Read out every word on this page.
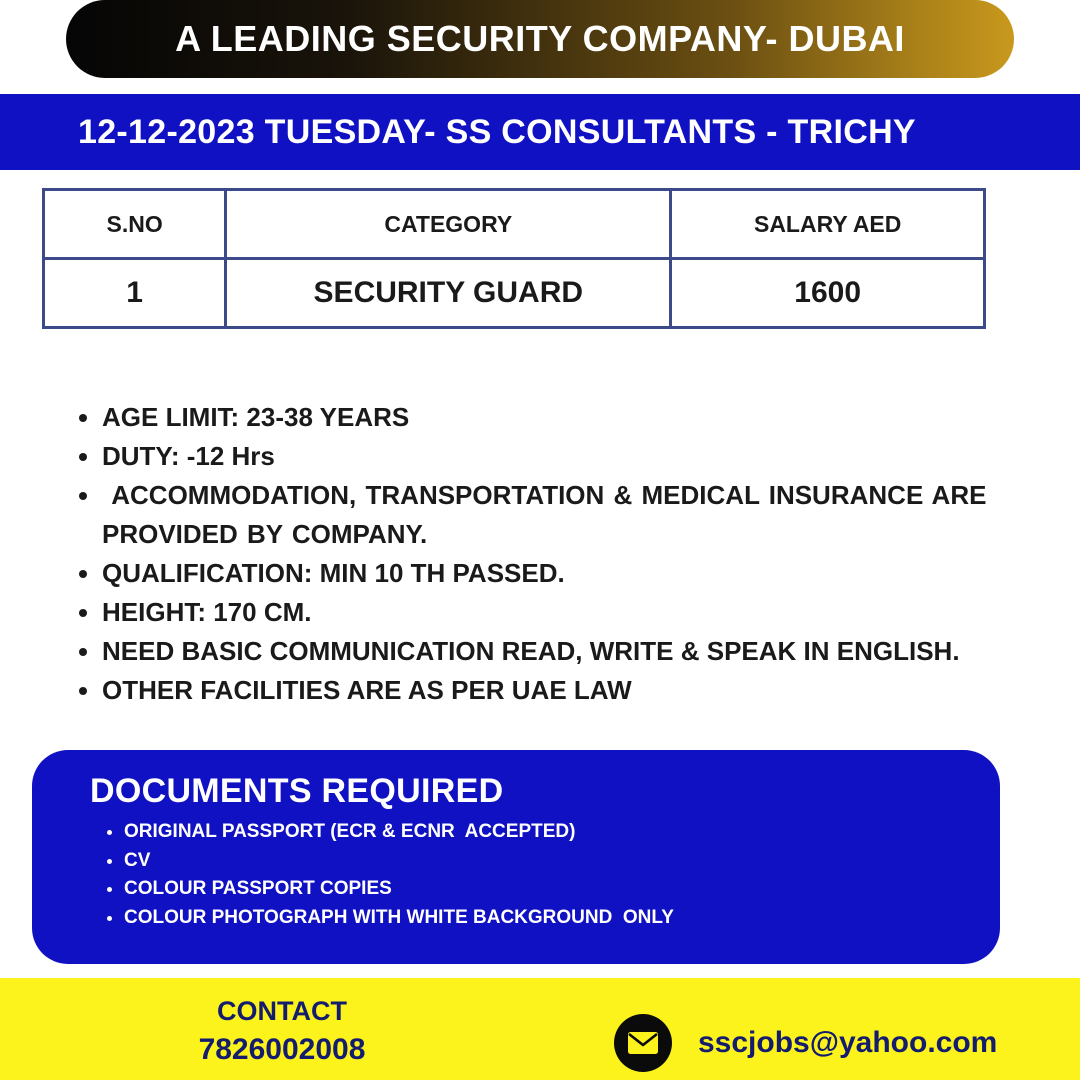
A LEADING SECURITY COMPANY- DUBAI
12-12-2023 TUESDAY- SS CONSULTANTS - TRICHY
S.NO	CATEGORY	SALARY AED
1	SECURITY GUARD	1600
• AGE LIMIT: 23-38 YEARS
• DUTY: -12 Hrs
•  ACCOMMODATION, TRANSPORTATION & MEDICAL INSURANCE ARE PROVIDED BY COMPANY.
• QUALIFICATION: MIN 10 TH PASSED.
• HEIGHT: 170 CM.
• NEED BASIC COMMUNICATION READ, WRITE & SPEAK IN ENGLISH.
• OTHER FACILITIES ARE AS PER UAE LAW
DOCUMENTS REQUIRED
• ORIGINAL PASSPORT (ECR & ECNR  ACCEPTED)
• CV
• COLOUR PASSPORT COPIES
• COLOUR PHOTOGRAPH WITH WHITE BACKGROUND  ONLY
CONTACT
7826002008	sscjobs@yahoo.com
